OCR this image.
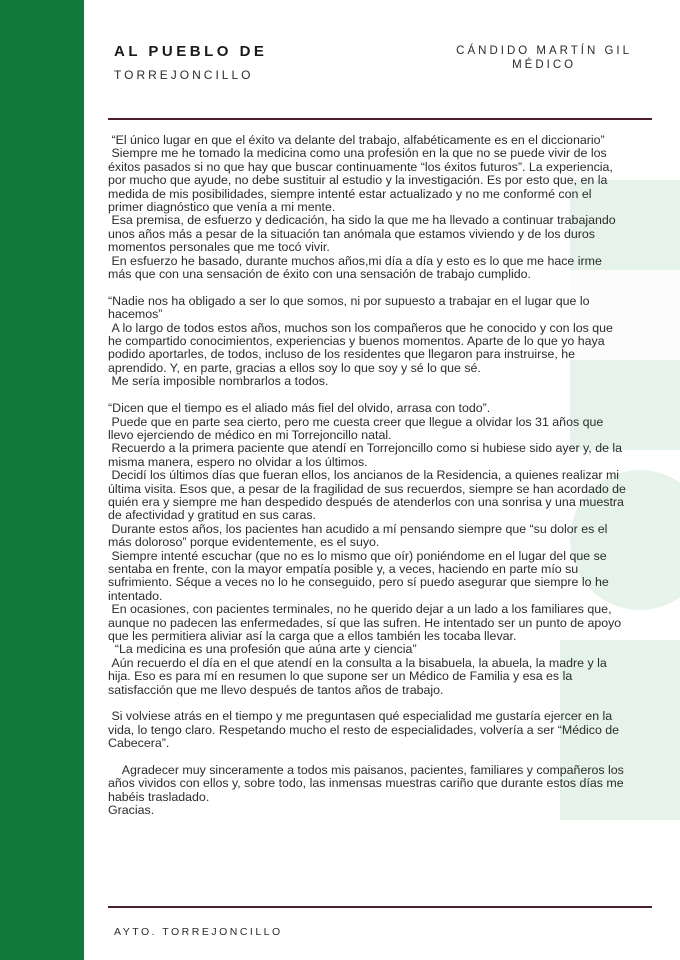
AL PUEBLO DE
TORREJONCILLO
CÁNDIDO MARTÍN GIL
MÉDICO

“El único lugar en que el éxito va delante del trabajo, alfabéticamente es en el diccionario”

Siempre me he tomado la medicina como una profesión en la que no se puede vivir de los éxitos pasados si no que hay que buscar continuamente “los éxitos futuros”. La experiencia, por mucho que ayude, no debe sustituir al estudio y la investigación. Es por esto que, en la medida de mis posibilidades, siempre intenté estar actualizado y no me conformé con el primer diagnóstico que venía a mi mente.

Esa premisa, de esfuerzo y dedicación, ha sido la que me ha llevado a continuar trabajando unos años más a pesar de la situación tan anómala que estamos viviendo y de los duros momentos personales que me tocó vivir.

En esfuerzo he basado, durante muchos años,mi día a día y esto es lo que me hace irme más que con una sensación de éxito con una sensación de trabajo cumplido.

“Nadie nos ha obligado a ser lo que somos, ni por supuesto a trabajar en el lugar que lo hacemos”

A lo largo de todos estos años, muchos son los compañeros que he conocido y con los que he compartido conocimientos, experiencias y buenos momentos. Aparte de lo que yo haya podido aportarles, de todos, incluso de los residentes que llegaron para instruirse, he aprendido. Y, en parte, gracias a ellos soy lo que soy y sé lo que sé.

Me sería imposible nombrarlos a todos.

“Dicen que el tiempo es el aliado más fiel del olvido, arrasa con todo”.

Puede que en parte sea cierto, pero me cuesta creer que llegue a olvidar los 31 años que llevo ejerciendo de médico en mi Torrejoncillo natal.

Recuerdo a la primera paciente que atendí en Torrejoncillo como si hubiese sido ayer y, de la misma manera, espero no olvidar a los últimos.

Decidí los últimos días que fueran ellos, los ancianos de la Residencia, a quienes realizar mi última visita. Esos que, a pesar de la fragilidad de sus recuerdos, siempre se han acordado de quién era y siempre me han despedido después de atenderlos con una sonrisa y una muestra de afectividad y gratitud en sus caras.

Durante estos años, los pacientes han acudido a mí pensando siempre que “su dolor es el más doloroso” porque evidentemente, es el suyo.

Siempre intenté escuchar (que no es lo mismo que oír) poniéndome en el lugar del que se sentaba en frente, con la mayor empatía posible y, a veces, haciendo en parte mío su sufrimiento. Séque a veces no lo he conseguido, pero sí puedo asegurar que siempre lo he intentado.

En ocasiones, con pacientes terminales, no he querido dejar a un lado a los familiares que, aunque no padecen las enfermedades, sí que las sufren. He intentado ser un punto de apoyo que les permitiera aliviar así la carga que a ellos también les tocaba llevar.

“La medicina es una profesión que aúna arte y ciencia”

Aún recuerdo el día en el que atendí en la consulta a la bisabuela, la abuela, la madre y la hija. Eso es para mí en resumen lo que supone ser un Médico de Familia y esa es la satisfacción que me llevo después de tantos años de trabajo.

Si volviese atrás en el tiempo y me preguntasen qué especialidad me gustaría ejercer en la vida, lo tengo claro. Respetando mucho el resto de especialidades, volvería a ser “Médico de Cabecera”.

Agradecer muy sinceramente a todos mis paisanos, pacientes, familiares y compañeros los años vividos con ellos y, sobre todo, las inmensas muestras cariño que durante estos días me habéis trasladado.

Gracias.

AYTO. TORREJONCILLO
